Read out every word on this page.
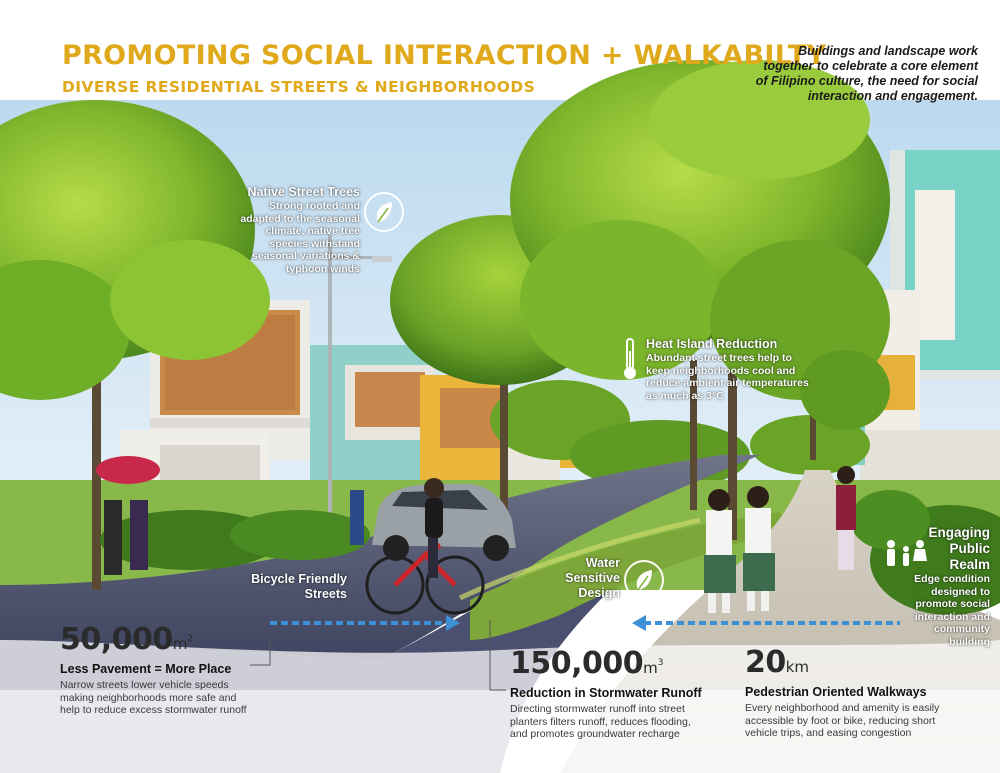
PROMOTING SOCIAL INTERACTION + WALKABILTY
DIVERSE RESIDENTIAL STREETS & NEIGHBORHOODS
Buildings and landscape work
together to celebrate a core element
of Filipino culture, the need for social
interaction and engagement.
Native Street Trees
Strong rooted and
adapted to the seasonal
climate, native tree
species withstand
seasonal variations &
typhoon winds
Heat Island Reduction
Abundant street trees help to
keep neighborhoods cool and
reduce ambient air temperatures
as much as 3°C
Bicycle Friendly
Streets
Water
Sensitive
Design
Engaging
Public
Realm
Edge condition
designed to
promote social
interaction and
community
building
$50,000m^2$
Less Pavement = More Place
Narrow streets lower vehicle speeds
making neighborhoods more safe and
help to reduce excess stormwater runoff
$150,000m^3$
Reduction in Stormwater Runoff
Directing stormwater runoff into street
planters filters runoff, reduces flooding,
and promotes groundwater recharge
20km
Pedestrian Oriented Walkways
Every neighborhood and amenity is easily
accessible by foot or bike, reducing short
vehicle trips, and easing congestion
